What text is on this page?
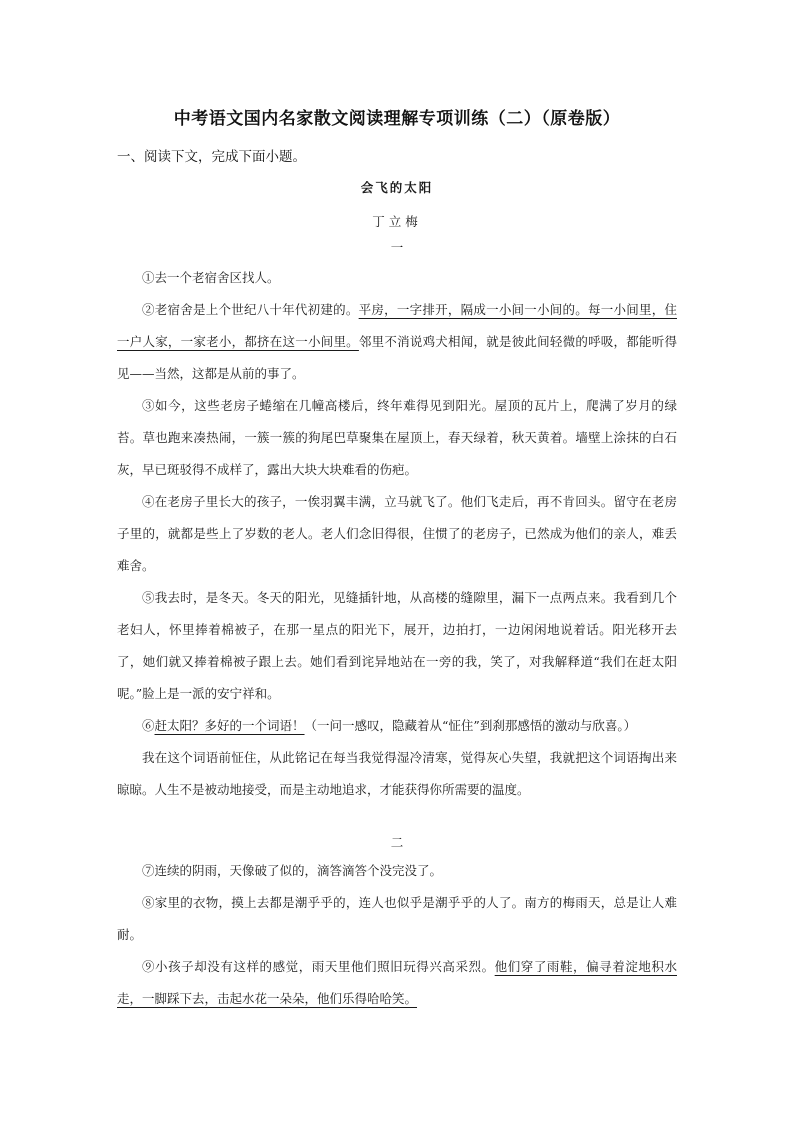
中考语文国内名家散文阅读理解专项训练（二）（原卷版）
一、阅读下文，完成下面小题。
会飞的太阳
丁立梅
一

①去一个老宿舍区找人。

②老宿舍是上个世纪八十年代初建的。平房，一字排开，隔成一小间一小间的。每一小间里，住一户人家，一家老小，都挤在这一小间里。邻里不消说鸡犬相闻，就是彼此间轻微的呼吸，都能听得见——当然，这都是从前的事了。

③如今，这些老房子蜷缩在几幢高楼后，终年难得见到阳光。屋顶的瓦片上，爬满了岁月的绿苔。草也跑来凑热闹，一簇一簇的狗尾巴草聚集在屋顶上，春天绿着，秋天黄着。墙壁上涂抹的白石灰，早已斑驳得不成样了，露出大块大块难看的伤疤。

④在老房子里长大的孩子，一俟羽翼丰满，立马就飞了。他们飞走后，再不肯回头。留守在老房子里的，就都是些上了岁数的老人。老人们念旧得很，住惯了的老房子，已然成为他们的亲人，难丢难舍。

⑤我去时，是冬天。冬天的阳光，见缝插针地，从高楼的缝隙里，漏下一点两点来。我看到几个老妇人，怀里捧着棉被子，在那一星点的阳光下，展开，边拍打，一边闲闲地说着话。阳光移开去了，她们就又捧着棉被子跟上去。她们看到诧异地站在一旁的我，笑了，对我解释道“我们在赶太阳呢。”脸上是一派的安宁祥和。

⑥赶太阳？多好的一个词语！（一问一感叹，隐藏着从“怔住”到刹那感悟的激动与欣喜。）

我在这个词语前怔住，从此铭记在每当我觉得湿冷清寒，觉得灰心失望，我就把这个词语掏出来晾晾。人生不是被动地接受，而是主动地追求，才能获得你所需要的温度。

二

⑦连续的阴雨，天像破了似的，滴答滴答个没完没了。

⑧家里的衣物，摸上去都是潮乎乎的，连人也似乎是潮乎乎的人了。南方的梅雨天，总是让人难耐。

⑨小孩子却没有这样的感觉，雨天里他们照旧玩得兴高采烈。他们穿了雨鞋，偏寻着淀地积水走，一脚踩下去，击起水花一朵朵，他们乐得哈哈笑。
